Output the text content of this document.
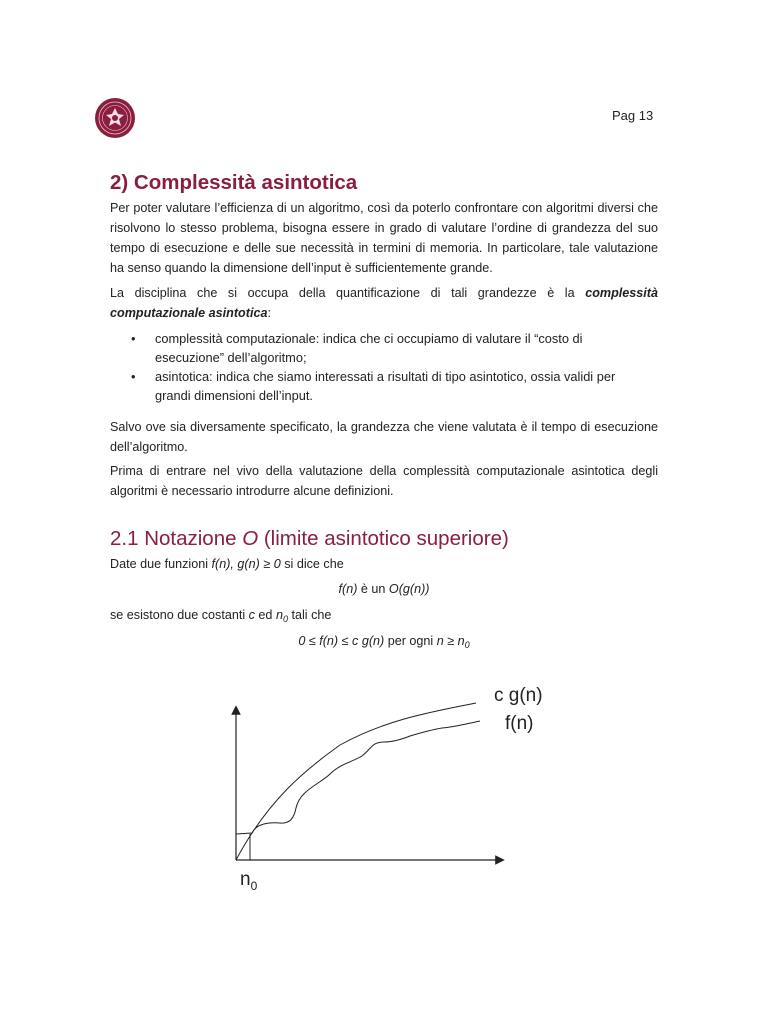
Pag 13
2) Complessità asintotica

Per poter valutare l’efficienza di un algoritmo, così da poterlo confrontare con algoritmi diversi che risolvono lo stesso problema, bisogna essere in grado di valutare l’ordine di grandezza del suo tempo di esecuzione e delle sue necessità in termini di memoria. In particolare, tale valutazione ha senso quando la dimensione dell’input è sufficientemente grande.

La disciplina che si occupa della quantificazione di tali grandezze è la complessità computazionale asintotica:

• complessità computazionale: indica che ci occupiamo di valutare il “costo di esecuzione” dell’algoritmo;
• asintotica: indica che siamo interessati a risultati di tipo asintotico, ossia validi per grandi dimensioni dell’input.

Salvo ove sia diversamente specificato, la grandezza che viene valutata è il tempo di esecuzione dell’algoritmo.

Prima di entrare nel vivo della valutazione della complessità computazionale asintotica degli algoritmi è necessario introdurre alcune definizioni.

2.1 Notazione O (limite asintotico superiore)

Date due funzioni f(n), g(n) ≥ 0 si dice che

f(n) è un O(g(n))

se esistono due costanti c ed $n_0$ tali che

0 ≤ f(n) ≤ c g(n) per ogni $n \ge n_0$
c g(n)
f(n)
$n_0$
